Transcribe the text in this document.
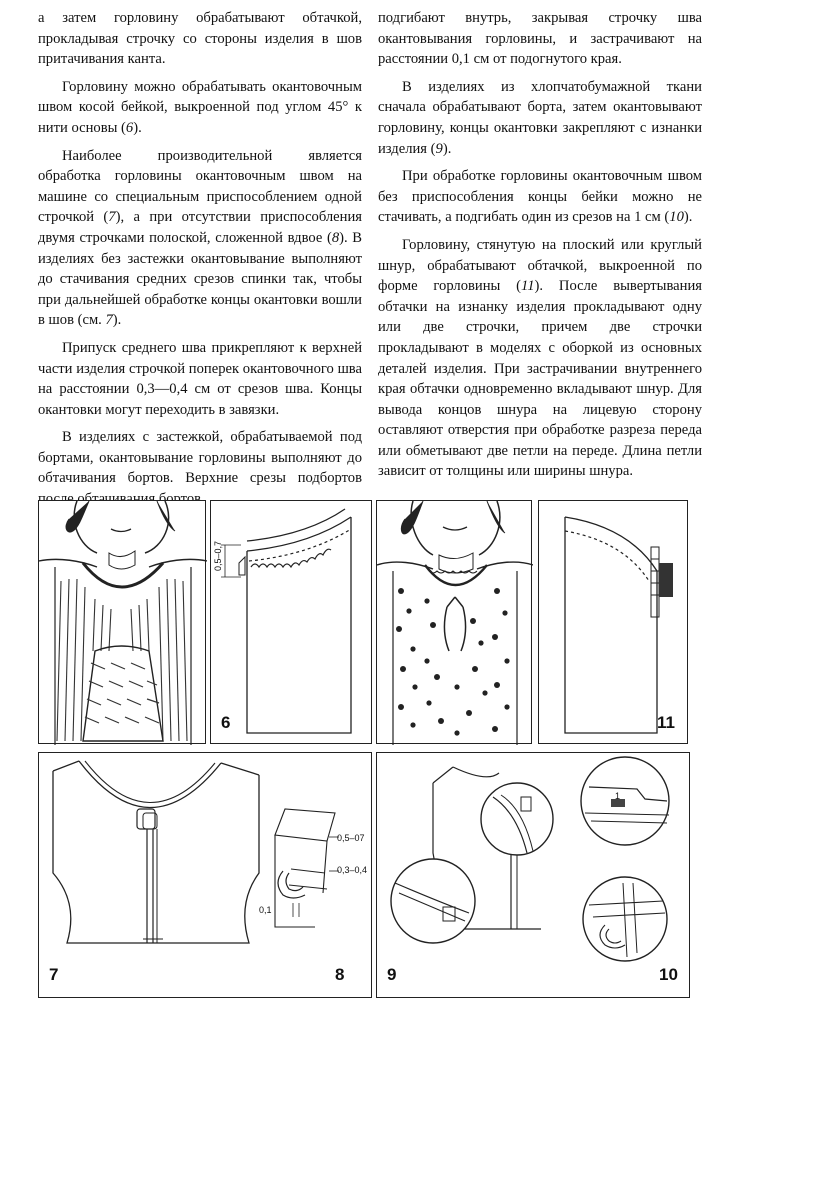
а затем горловину обрабатывают обтачкой, прокладывая строчку со стороны изделия в шов притачивания канта.

Горловину можно обрабатывать окантовочным швом косой бейкой, выкроенной под углом 45° к нити основы (6).

Наиболее производительной является обработка горловины окантовочным швом на машине со специальным приспособлением одной строчкой (7), а при отсутствии приспособления двумя строчками полоской, сложенной вдвое (8). В изделиях без застежки окантовывание выполняют до стачивания средних срезов спинки так, чтобы при дальнейшей обработке концы окантовки вошли в шов (см. 7).

Припуск среднего шва прикрепляют к верхней части изделия строчкой поперек окантовочного шва на расстоянии 0,3—0,4 см от срезов шва. Концы окантовки могут переходить в завязки.

В изделиях с застежкой, обрабатываемой под бортами, окантовывание горловины выполняют до обтачивания бортов. Верхние срезы подбортов

подгибают внутрь, закрывая строчку шва окантовывания горловины, и застрачивают на расстоянии 0,1 см от подогнутого края.

В изделиях из хлопчатобумажной ткани сначала обрабатывают борта, затем окантовывают горловину, концы окантовки закрепляют с изнанки изделия (9).

При обработке горловины окантовочным швом без приспособления концы бейки можно не стачивать, а подгибать один из срезов на 1 см (10).

Горловину, стянутую на плоский или круглый шнур, обрабатывают обтачкой, выкроенной по форме горловины (11). После вывертывания обтачки на изнанку изделия прокладывают одну или две строчки, причем две строчки прокладывают в моделях с оборкой из основных деталей изделия. При застрачивании внутреннего края обтачки одновременно вкладывают шнур. Для вывода концов шнура на лицевую сторону оставляют отверстия при обработке разреза переда или обметывают две петли на переде. Длина петли зависит от толщины или ширины шнура.

0,5–0,7
6	11
0,5–07
0,3–0,4
0,1
7	8
1
9	10
